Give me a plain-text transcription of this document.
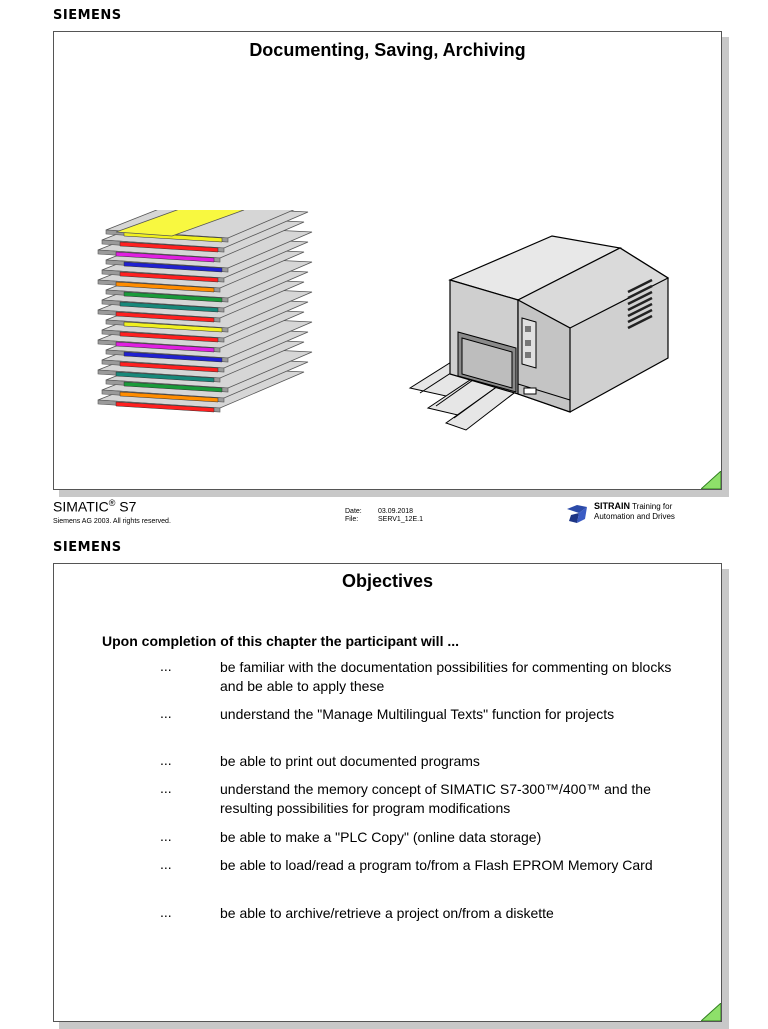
SIEMENS
Documenting, Saving, Archiving
SIMATIC® S7
Siemens AG 2003. All rights reserved.
Date: 03.09.2018
File:	SERV1_12E.1
SITRAIN Training for
Automation and Drives
SIEMENS
Objectives
Upon completion of this chapter the participant will ...
...	be familiar with the documentation possibilities for commenting on blocks and be able to apply these
...	understand the "Manage Multilingual Texts" function for projects
...	be able to print out documented programs
...	understand the memory concept of SIMATIC S7-300™/400™ and the resulting possibilities for program modifications
...	be able to make a "PLC Copy" (online data storage)
...	be able to load/read a program to/from a Flash EPROM Memory Card
...	be able to archive/retrieve a project on/from a diskette
